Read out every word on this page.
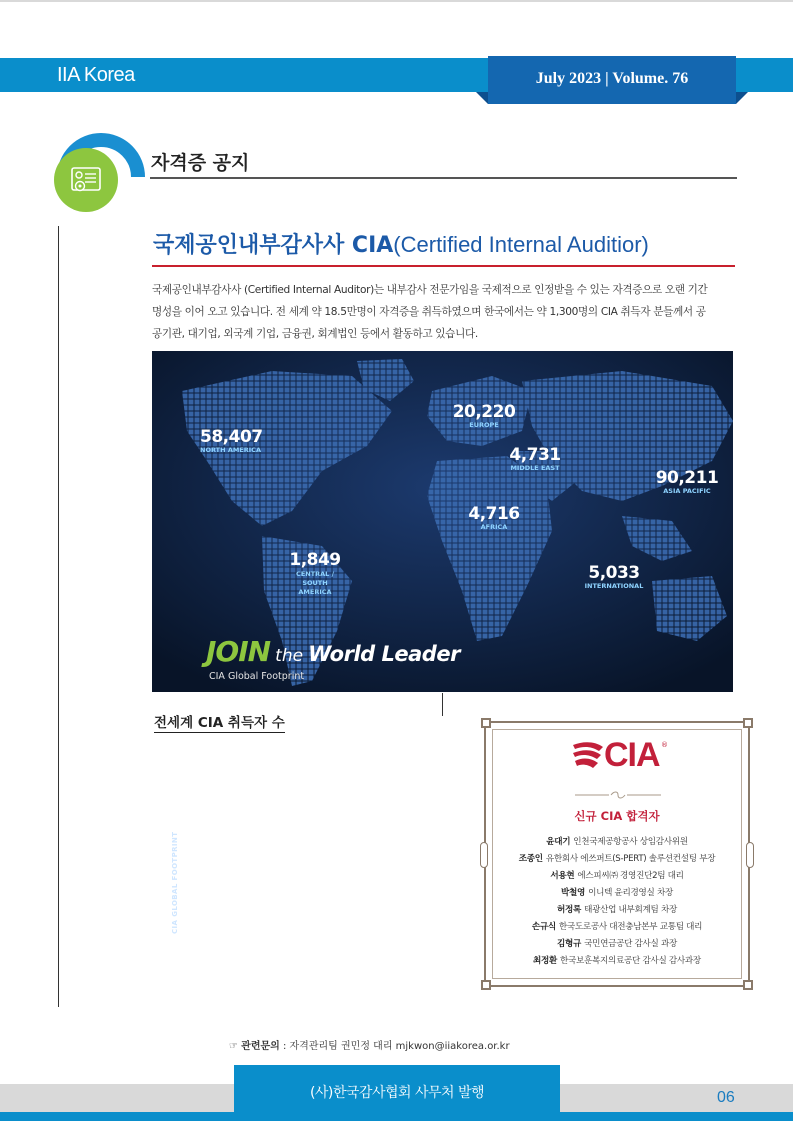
IIA Korea	July 2023 | Volume. 76
자격증 공지
국제공인내부감사사 CIA(Certified Internal Auditior)
국제공인내부감사사 (Certified Internal Auditor)는 내부감사 전문가임을 국제적으로 인정받을 수 있는 자격증으로 오랜 기간
명성을 이어 오고 있습니다. 전 세계 약 18.5만명이 자격증을 취득하였으며 한국에서는 약 1,300명의 CIA 취득자 분들께서 공
공기관, 대기업, 외국계 기업, 금융권, 회계법인 등에서 활동하고 있습니다.
CIA GLOBAL FOOTPRINT
58,407
NORTH AMERICA
20,220
EUROPE
4,731
MIDDLE EAST	90,211
ASIA PACIFIC
4,716
AFRICA
1,849
CENTRAL / SOUTH AMERICA
5,033
INTERNATIONAL
JOIN the World Leader
CIA Global Footprint
전세계 CIA 취득자 수
CIA ®
신규 CIA 합격자
윤대기 인천국제공항공사 상임감사위원
조종인 유한회사 에쓰퍼트(S-PERT) 솔루션컨설팅 부장
서용현 에스피씨㈜ 경영진단2팀 대리
박철영 이니텍 윤리경영실 차장
허정록 태광산업 내부회계팀 차장
손규식 한국도로공사 대전충남본부 교통팀 대리
김형규 국민연금공단 감사실 과장
최정환 한국보훈복지의료공단 감사실 감사과장
☞ 관련문의 : 자격관리팀 권민정 대리 mjkwon@iiakorea.or.kr
(사)한국감사협회 사무처 발행	06
